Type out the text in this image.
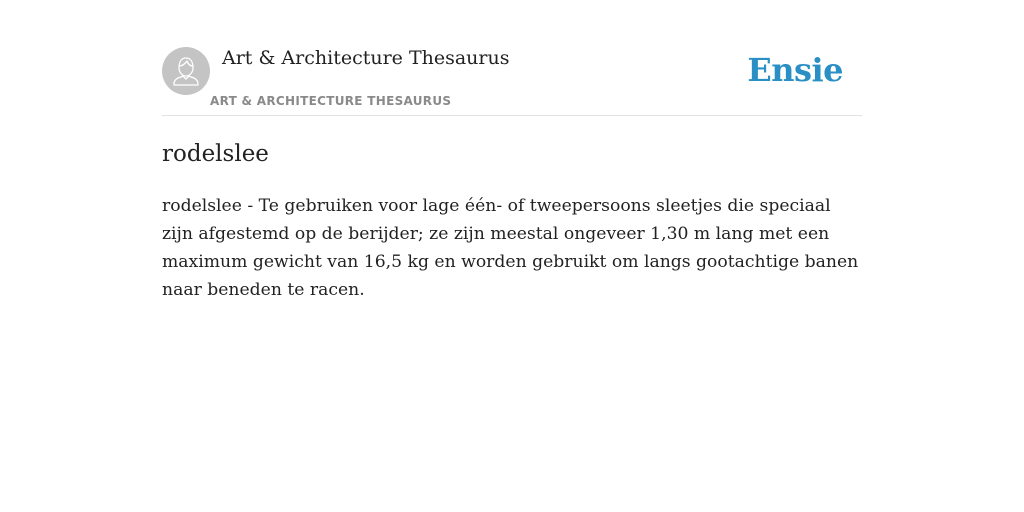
Art & Architecture Thesaurus
ART & ARCHITECTURE THESAURUS
Ensie
rodelslee

rodelslee - Te gebruiken voor lage één- of tweepersoons sleetjes die speciaal zijn afgestemd op de berijder; ze zijn meestal ongeveer 1,30 m lang met een maximum gewicht van 16,5 kg en worden gebruikt om langs gootachtige banen naar beneden te racen.
